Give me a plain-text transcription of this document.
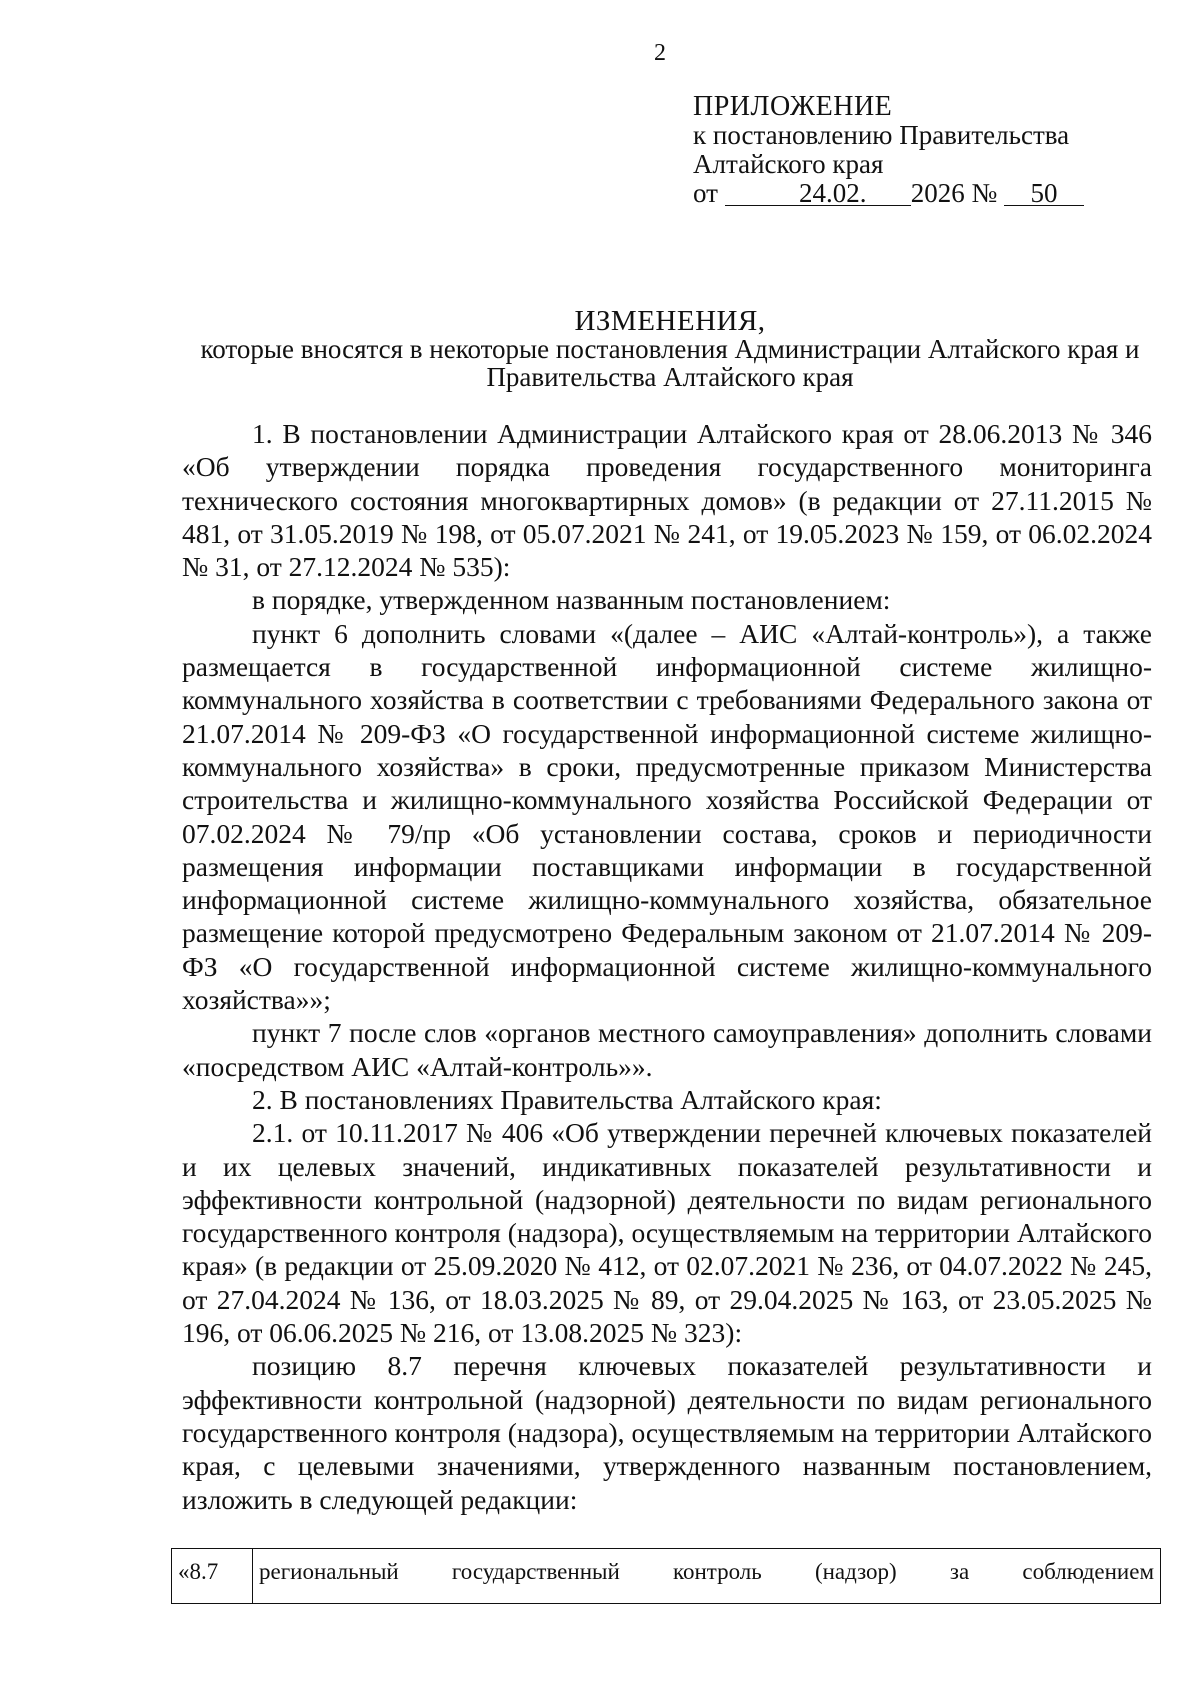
2
ПРИЛОЖЕНИЕ
к постановлению Правительства
Алтайского края
от	24.02. 2026 № 50
ИЗМЕНЕНИЯ,
которые вносятся в некоторые постановления Администрации Алтайского края и Правительства Алтайского края

1. В постановлении Администрации Алтайского края от 28.06.2013 № 346 «Об утверждении порядка проведения государственного мониторинга технического состояния многоквартирных домов» (в редакции от 27.11.2015 № 481, от 31.05.2019 № 198, от 05.07.2021 № 241, от 19.05.2023 № 159, от 06.02.2024 № 31, от 27.12.2024 № 535):

в порядке, утвержденном названным постановлением:

пункт 6 дополнить словами «(далее – АИС «Алтай-контроль»), а также размещается в государственной информационной системе жилищно-коммунального хозяйства в соответствии с требованиями Федерального закона от 21.07.2014 № 209-ФЗ «О государственной информационной системе жилищно-коммунального хозяйства» в сроки, предусмотренные приказом Министерства строительства и жилищно-коммунального хозяйства Российской Федерации от 07.02.2024 № 79/пр «Об установлении состава, сроков и периодичности размещения информации поставщиками информации в государственной информационной системе жилищно-коммунального хозяйства, обязательное размещение которой предусмотрено Федеральным законом от 21.07.2014 № 209-ФЗ «О государственной информационной системе жилищно-коммунального хозяйства»»;

пункт 7 после слов «органов местного самоуправления» дополнить словами «посредством АИС «Алтай-контроль»».

2. В постановлениях Правительства Алтайского края:

2.1. от 10.11.2017 № 406 «Об утверждении перечней ключевых показателей и их целевых значений, индикативных показателей результативности и эффективности контрольной (надзорной) деятельности по видам регионального государственного контроля (надзора), осуществляемым на территории Алтайского края» (в редакции от 25.09.2020 № 412, от 02.07.2021 № 236, от 04.07.2022 № 245, от 27.04.2024 № 136, от 18.03.2025 № 89, от 29.04.2025 № 163, от 23.05.2025 № 196, от 06.06.2025 № 216, от 13.08.2025 № 323):

позицию 8.7 перечня ключевых показателей результативности и эффективности контрольной (надзорной) деятельности по видам регионального государственного контроля (надзора), осуществляемым на территории Алтайского края, с целевыми значениями, утвержденного названным постановлением, изложить в следующей редакции:

«8.7	региональный государственный контроль (надзор) за соблюдением
